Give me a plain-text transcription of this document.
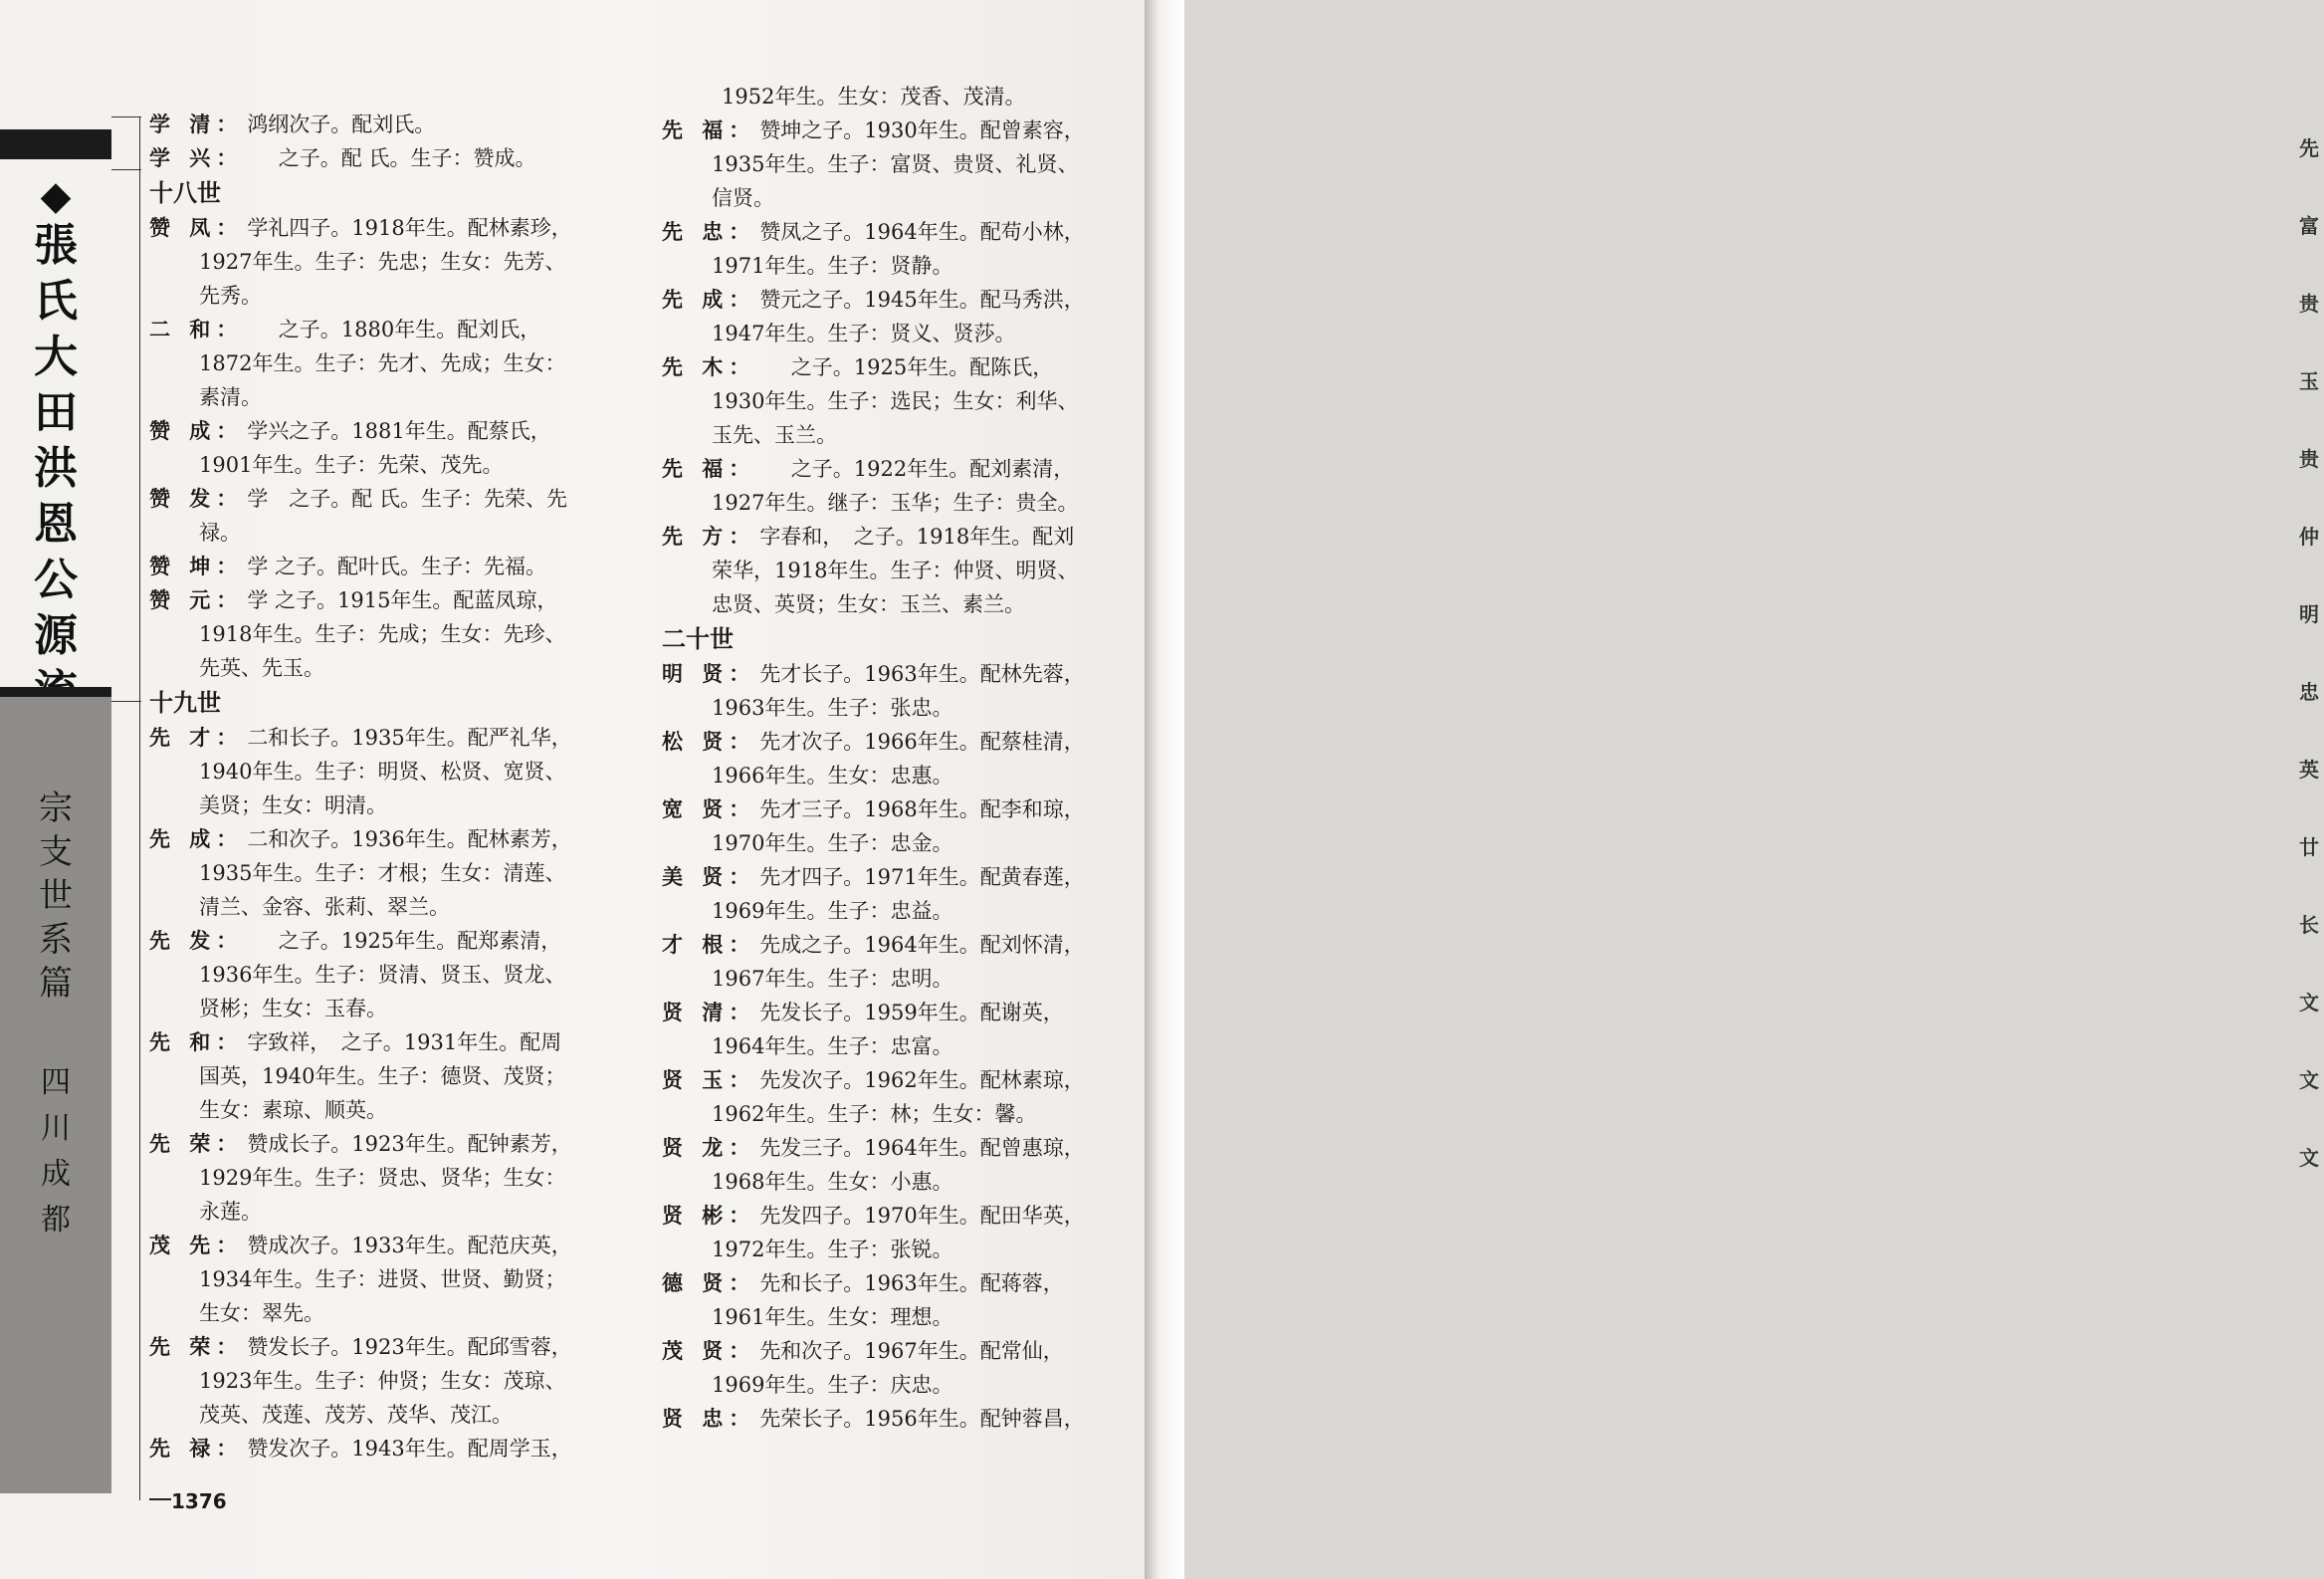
◆
張
氏
大
田
洪
恩
公
源
宗
支
世
系
篇
四
川
成
都
学 清： 鸿纲次子。配刘氏。
学 兴：　　之子。配 氏。生子：赞成。
十八世
赞 凤： 学礼四子。1918年生。配林素珍，
1927年生。生子：先忠；生女：先芳、
先秀。
二 和：　　之子。1880年生。配刘氏，
1872年生。生子：先才、先成；生女：
素清。
赞 成： 学兴之子。1881年生。配蔡氏，
1901年生。生子：先荣、茂先。
赞 发： 学　之子。配 氏。生子：先荣、先
禄。
赞 坤： 学 之子。配叶氏。生子：先福。
赞 元： 学 之子。1915年生。配蓝凤琼，
1918年生。生子：先成；生女：先珍、
先英、先玉。
十九世
先 才： 二和长子。1935年生。配严礼华，
1940年生。生子：明贤、松贤、宽贤、
美贤；生女：明清。
先 成： 二和次子。1936年生。配林素芳，
1935年生。生子：才根；生女：清莲、
清兰、金容、张莉、翠兰。
先 发：　　之子。1925年生。配郑素清，
1936年生。生子：贤清、贤玉、贤龙、
贤彬；生女：玉春。
先 和： 字致祥，　之子。1931年生。配周
国英，1940年生。生子：德贤、茂贤；
生女：素琼、顺英。
先 荣： 赞成长子。1923年生。配钟素芳，
1929年生。生子：贤忠、贤华；生女：
永莲。
茂 先： 赞成次子。1933年生。配范庆英，
1934年生。生子：进贤、世贤、勤贤；
生女：翠先。
先 荣： 赞发长子。1923年生。配邱雪蓉，
1923年生。生子：仲贤；生女：茂琼、
茂英、茂莲、茂芳、茂华、茂江。
先 禄： 赞发次子。1943年生。配周学玉，
1952年生。生女：茂香、茂清。
先 福： 赞坤之子。1930年生。配曾素容，
1935年生。生子：富贤、贵贤、礼贤、
信贤。
先 忠： 赞凤之子。1964年生。配苟小林，
1971年生。生子：贤静。
先 成： 赞元之子。1945年生。配马秀洪，
1947年生。生子：贤义、贤莎。
先 木：　　之子。1925年生。配陈氏，
1930年生。生子：选民；生女：利华、
玉先、玉兰。
先 福：　　之子。1922年生。配刘素清，
1927年生。继子：玉华；生子：贵全。
先 方： 字春和，　之子。1918年生。配刘
荣华，1918年生。生子：仲贤、明贤、
忠贤、英贤；生女：玉兰、素兰。
二十世
明 贤： 先才长子。1963年生。配林先蓉，
1963年生。生子：张忠。
松 贤： 先才次子。1966年生。配蔡桂清，
1966年生。生女：忠惠。
宽 贤： 先才三子。1968年生。配李和琼，
1970年生。生子：忠金。
美 贤： 先才四子。1971年生。配黄春莲，
1969年生。生子：忠益。
才 根： 先成之子。1964年生。配刘怀清，
1967年生。生子：忠明。
贤 清： 先发长子。1959年生。配谢英，
1964年生。生子：忠富。
贤 玉： 先发次子。1962年生。配林素琼，
1962年生。生子：林；生女：馨。
贤 龙： 先发三子。1964年生。配曾惠琼，
1968年生。生女：小惠。
贤 彬： 先发四子。1970年生。配田华英，
1972年生。生子：张锐。
德 贤： 先和长子。1963年生。配蒋蓉，
1961年生。生女：理想。
茂 贤： 先和次子。1967年生。配常仙，
1969年生。生子：庆忠。
贤 忠： 先荣长子。1956年生。配钟蓉昌，
1376
先
富
贵
玉
贵
仲
明
忠
英
廿
长
文
文
文
